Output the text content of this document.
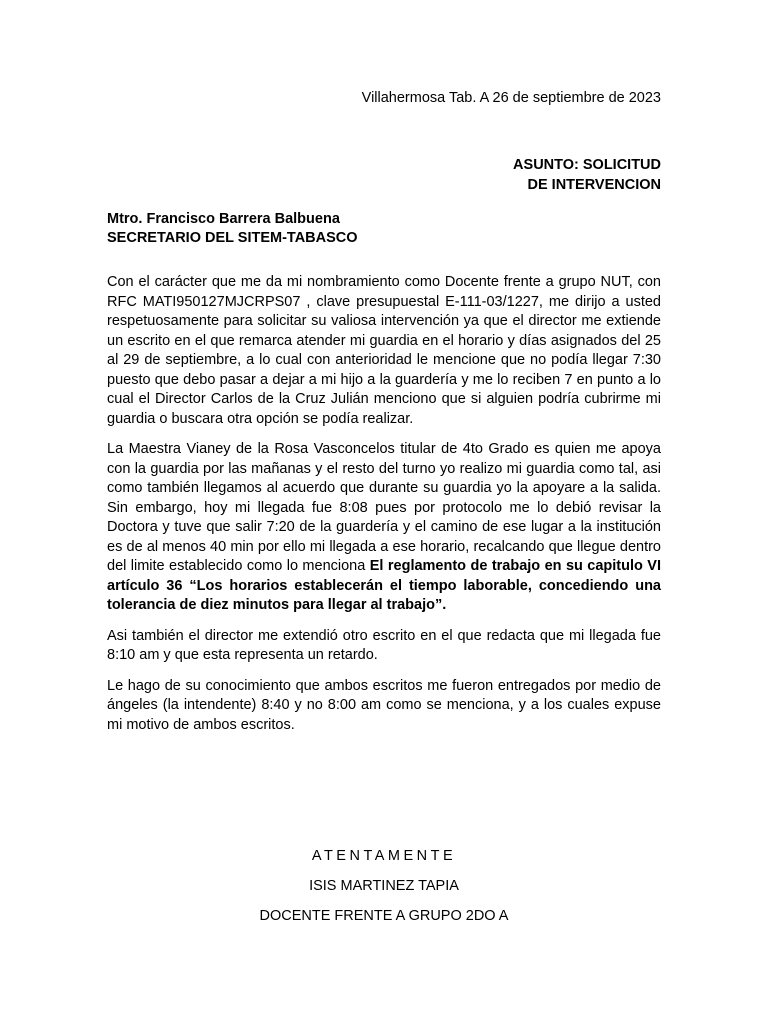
Villahermosa Tab. A 26 de septiembre de 2023
ASUNTO: SOLICITUD
DE INTERVENCION
Mtro. Francisco Barrera Balbuena
SECRETARIO DEL SITEM-TABASCO

Con el carácter que me da mi nombramiento como Docente frente a grupo NUT, con RFC MATI950127MJCRPS07 , clave presupuestal E-111-03/1227, me dirijo a usted respetuosamente para solicitar su valiosa intervención ya que el director me extiende un escrito en el que remarca atender mi guardia en el horario y días asignados del 25 al 29 de septiembre, a lo cual con anterioridad le mencione que no podía llegar 7:30 puesto que debo pasar a dejar a mi hijo a la guardería y me lo reciben 7 en punto a lo cual el Director Carlos de la Cruz Julián menciono que si alguien podría cubrirme mi guardia o buscara otra opción se podía realizar.

La Maestra Vianey de la Rosa Vasconcelos titular de 4to Grado es quien me apoya con la guardia por las mañanas y el resto del turno yo realizo mi guardia como tal, asi como también llegamos al acuerdo que durante su guardia yo la apoyare a la salida. Sin embargo, hoy mi llegada fue 8:08 pues por protocolo me lo debió revisar la Doctora y tuve que salir 7:20 de la guardería y el camino de ese lugar a la institución es de al menos 40 min por ello mi llegada a ese horario, recalcando que llegue dentro del limite establecido como lo menciona El reglamento de trabajo en su capitulo VI artículo 36 “Los horarios establecerán el tiempo laborable, concediendo una tolerancia de diez minutos para llegar al trabajo”.

Asi también el director me extendió otro escrito en el que redacta que mi llegada fue 8:10 am y que esta representa un retardo.

Le hago de su conocimiento que ambos escritos me fueron entregados por medio de ángeles (la intendente) 8:40 y no 8:00 am como se menciona, y a los cuales expuse mi motivo de ambos escritos.

ATENTAMENTE
ISIS MARTINEZ TAPIA
DOCENTE FRENTE A GRUPO 2DO A
